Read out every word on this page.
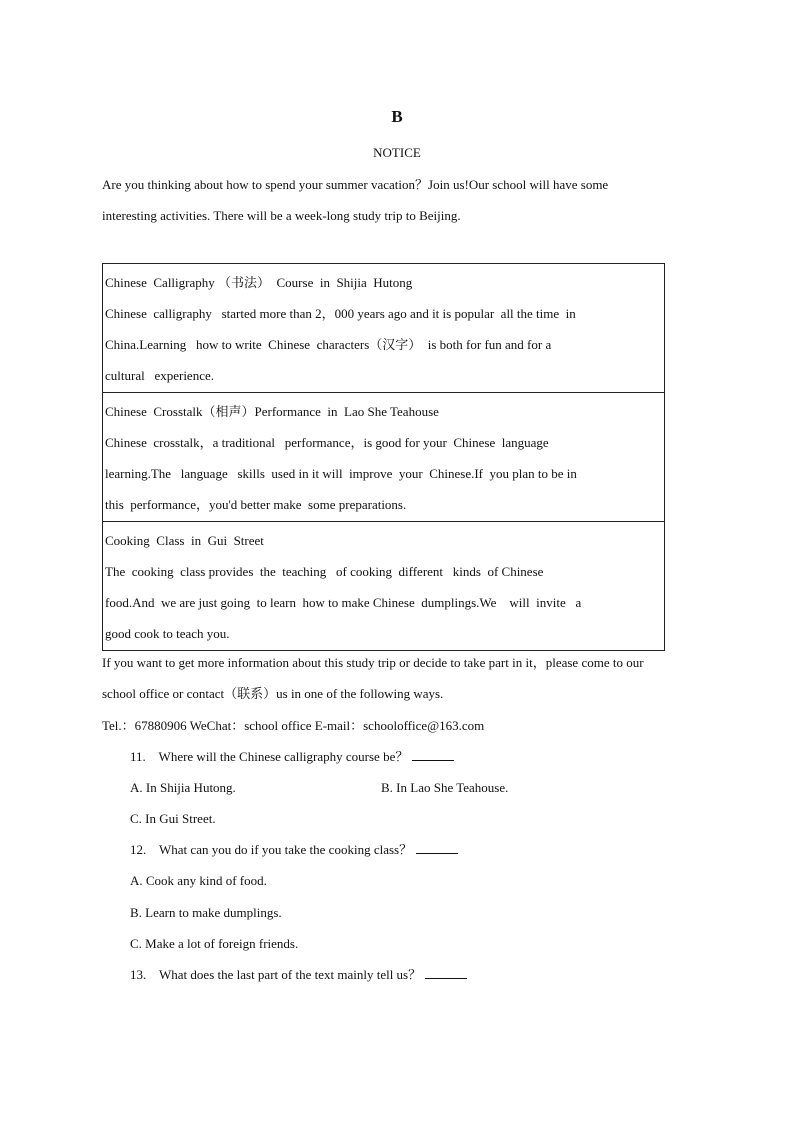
B
NOTICE
Are you thinking about how to spend your summer vacation？Join us!Our school will have some
interesting activities. There will be a week-long study trip to Beijing.
Chinese  Calligraphy （书法）  Course  in  Shijia  Hutong
Chinese  calligraphy   started more than 2，000 years ago and it is popular  all the time  in
China.Learning   how to write  Chinese  characters（汉字）  is both for fun and for a
cultural   experience.

Chinese  Crosstalk（相声）Performance  in  Lao She Teahouse
Chinese  crosstalk，a traditional   performance，is good for your  Chinese  language
learning.The   language   skills  used in it will  improve  your  Chinese.If  you plan to be in
this  performance，you'd better make  some preparations.

Cooking  Class  in  Gui  Street
The  cooking  class provides  the  teaching   of cooking  different   kinds  of Chinese
food.And  we are just going  to learn  how to make Chinese  dumplings.We    will  invite   a
good cook to teach you.
If you want to get more information about this study trip or decide to take part in it，please come to our
school office or contact（联系）us in one of the following ways.
Tel.：67880906 WeChat：school office E-mail：schooloffice@163.com
11. Where will the Chinese calligraphy course be？
A. In Shijia Hutong.	B. In Lao She Teahouse.
C. In Gui Street.
12. What can you do if you take the cooking class？
A. Cook any kind of food.
B. Learn to make dumplings.
C. Make a lot of foreign friends.
13. What does the last part of the text mainly tell us？
